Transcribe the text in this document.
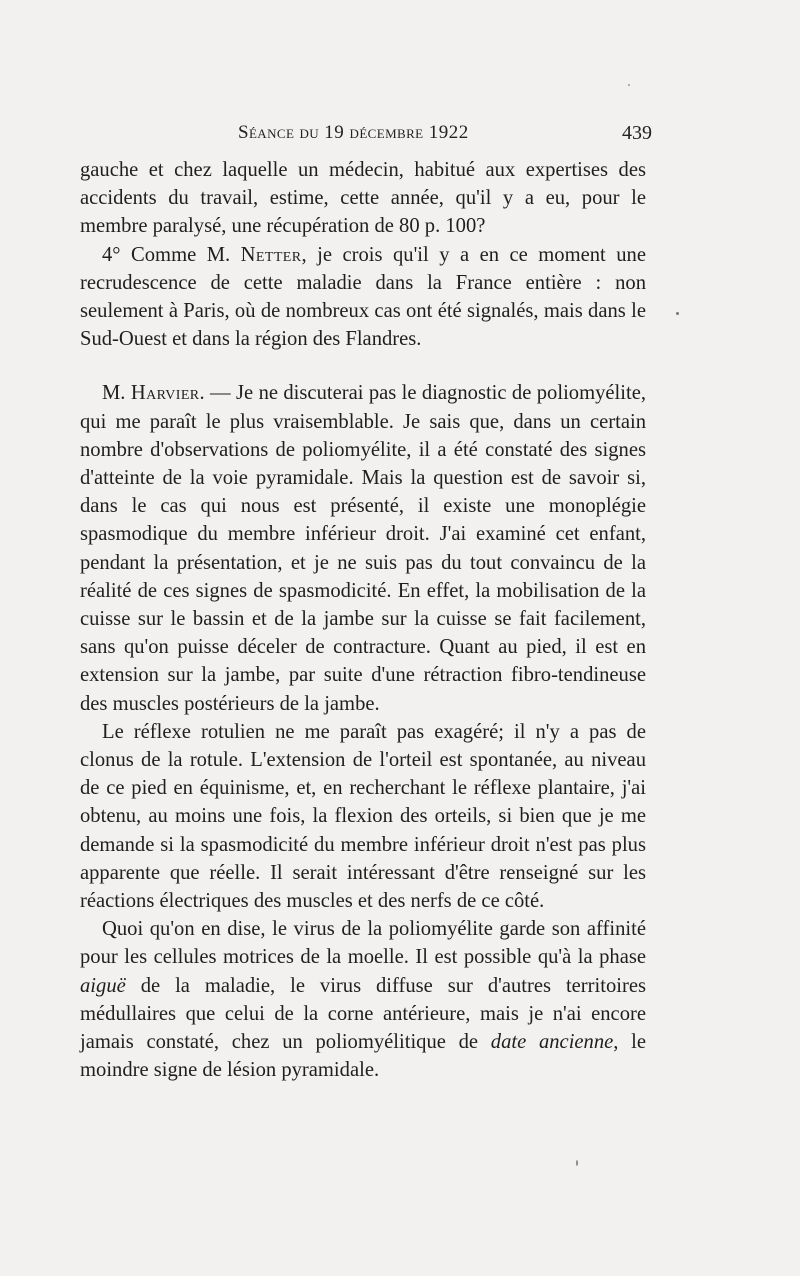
Séance du 19 décembre 1922	439

gauche et chez laquelle un médecin, habitué aux expertises des accidents du travail, estime, cette année, qu'il y a eu, pour le membre paralysé, une récupération de 80 p. 100?

4° Comme M. Netter, je crois qu'il y a en ce moment une recrudescence de cette maladie dans la France entière : non seulement à Paris, où de nombreux cas ont été signalés, mais dans le Sud-Ouest et dans la région des Flandres.

M. Harvier. — Je ne discuterai pas le diagnostic de poliomyélite, qui me paraît le plus vraisemblable. Je sais que, dans un certain nombre d'observations de poliomyélite, il a été constaté des signes d'atteinte de la voie pyramidale. Mais la question est de savoir si, dans le cas qui nous est présenté, il existe une monoplégie spasmodique du membre inférieur droit. J'ai examiné cet enfant, pendant la présentation, et je ne suis pas du tout convaincu de la réalité de ces signes de spasmodicité. En effet, la mobilisation de la cuisse sur le bassin et de la jambe sur la cuisse se fait facilement, sans qu'on puisse déceler de contracture. Quant au pied, il est en extension sur la jambe, par suite d'une rétraction fibro-tendineuse des muscles postérieurs de la jambe.

Le réflexe rotulien ne me paraît pas exagéré; il n'y a pas de clonus de la rotule. L'extension de l'orteil est spontanée, au niveau de ce pied en équinisme, et, en recherchant le réflexe plantaire, j'ai obtenu, au moins une fois, la flexion des orteils, si bien que je me demande si la spasmodicité du membre inférieur droit n'est pas plus apparente que réelle. Il serait intéressant d'être renseigné sur les réactions électriques des muscles et des nerfs de ce côté.

Quoi qu'on en dise, le virus de la poliomyélite garde son affinité pour les cellules motrices de la moelle. Il est possible qu'à la phase aiguë de la maladie, le virus diffuse sur d'autres territoires médullaires que celui de la corne antérieure, mais je n'ai encore jamais constaté, chez un poliomyélitique de date ancienne, le moindre signe de lésion pyramidale.
